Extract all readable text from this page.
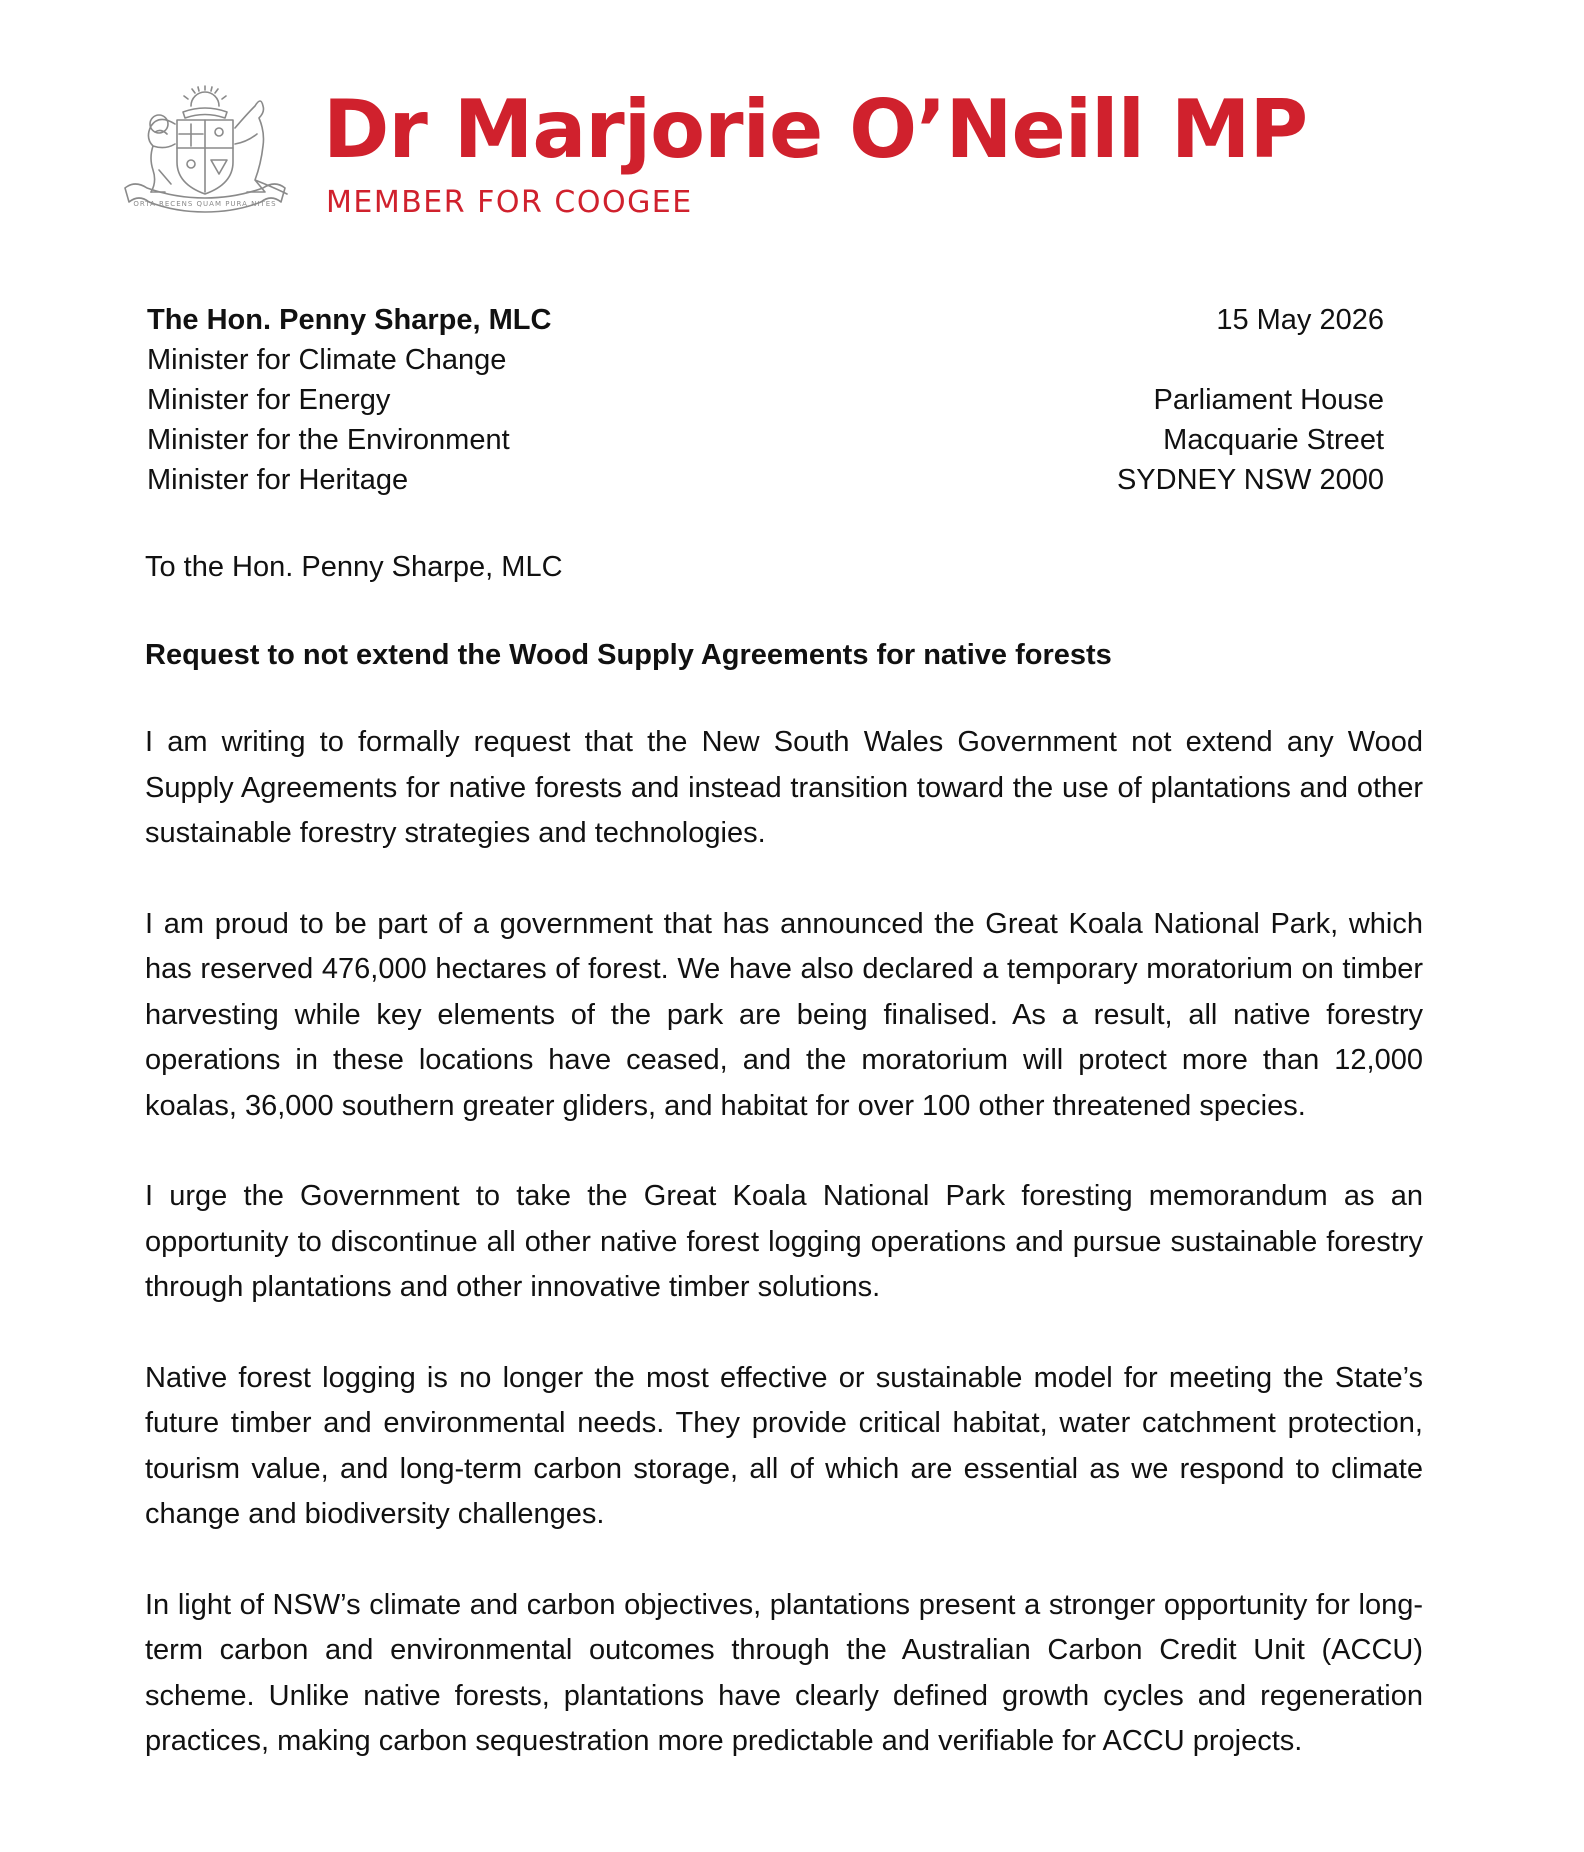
ORTA RECENS QUAM PURA NITES
Dr Marjorie O’Neill MP
MEMBER FOR COOGEE
The Hon. Penny Sharpe, MLC
Minister for Climate Change
Minister for Energy
Minister for the Environment
Minister for Heritage
15 May 2026
Parliament House
Macquarie Street
SYDNEY NSW 2000
To the Hon. Penny Sharpe, MLC
Request to not extend the Wood Supply Agreements for native forests

I am writing to formally request that the New South Wales Government not extend any Wood Supply Agreements for native forests and instead transition toward the use of plantations and other sustainable forestry strategies and technologies.

I am proud to be part of a government that has announced the Great Koala National Park, which has reserved 476,000 hectares of forest. We have also declared a temporary moratorium on timber harvesting while key elements of the park are being finalised. As a result, all native forestry operations in these locations have ceased, and the moratorium will protect more than 12,000 koalas, 36,000 southern greater gliders, and habitat for over 100 other threatened species.

I urge the Government to take the Great Koala National Park foresting memorandum as an opportunity to discontinue all other native forest logging operations and pursue sustainable forestry through plantations and other innovative timber solutions.

Native forest logging is no longer the most effective or sustainable model for meeting the State’s future timber and environmental needs. They provide critical habitat, water catchment protection, tourism value, and long-term carbon storage, all of which are essential as we respond to climate change and biodiversity challenges.

In light of NSW’s climate and carbon objectives, plantations present a stronger opportunity for long-term carbon and environmental outcomes through the Australian Carbon Credit Unit (ACCU) scheme. Unlike native forests, plantations have clearly defined growth cycles and regeneration practices, making carbon sequestration more predictable and verifiable for ACCU projects.
